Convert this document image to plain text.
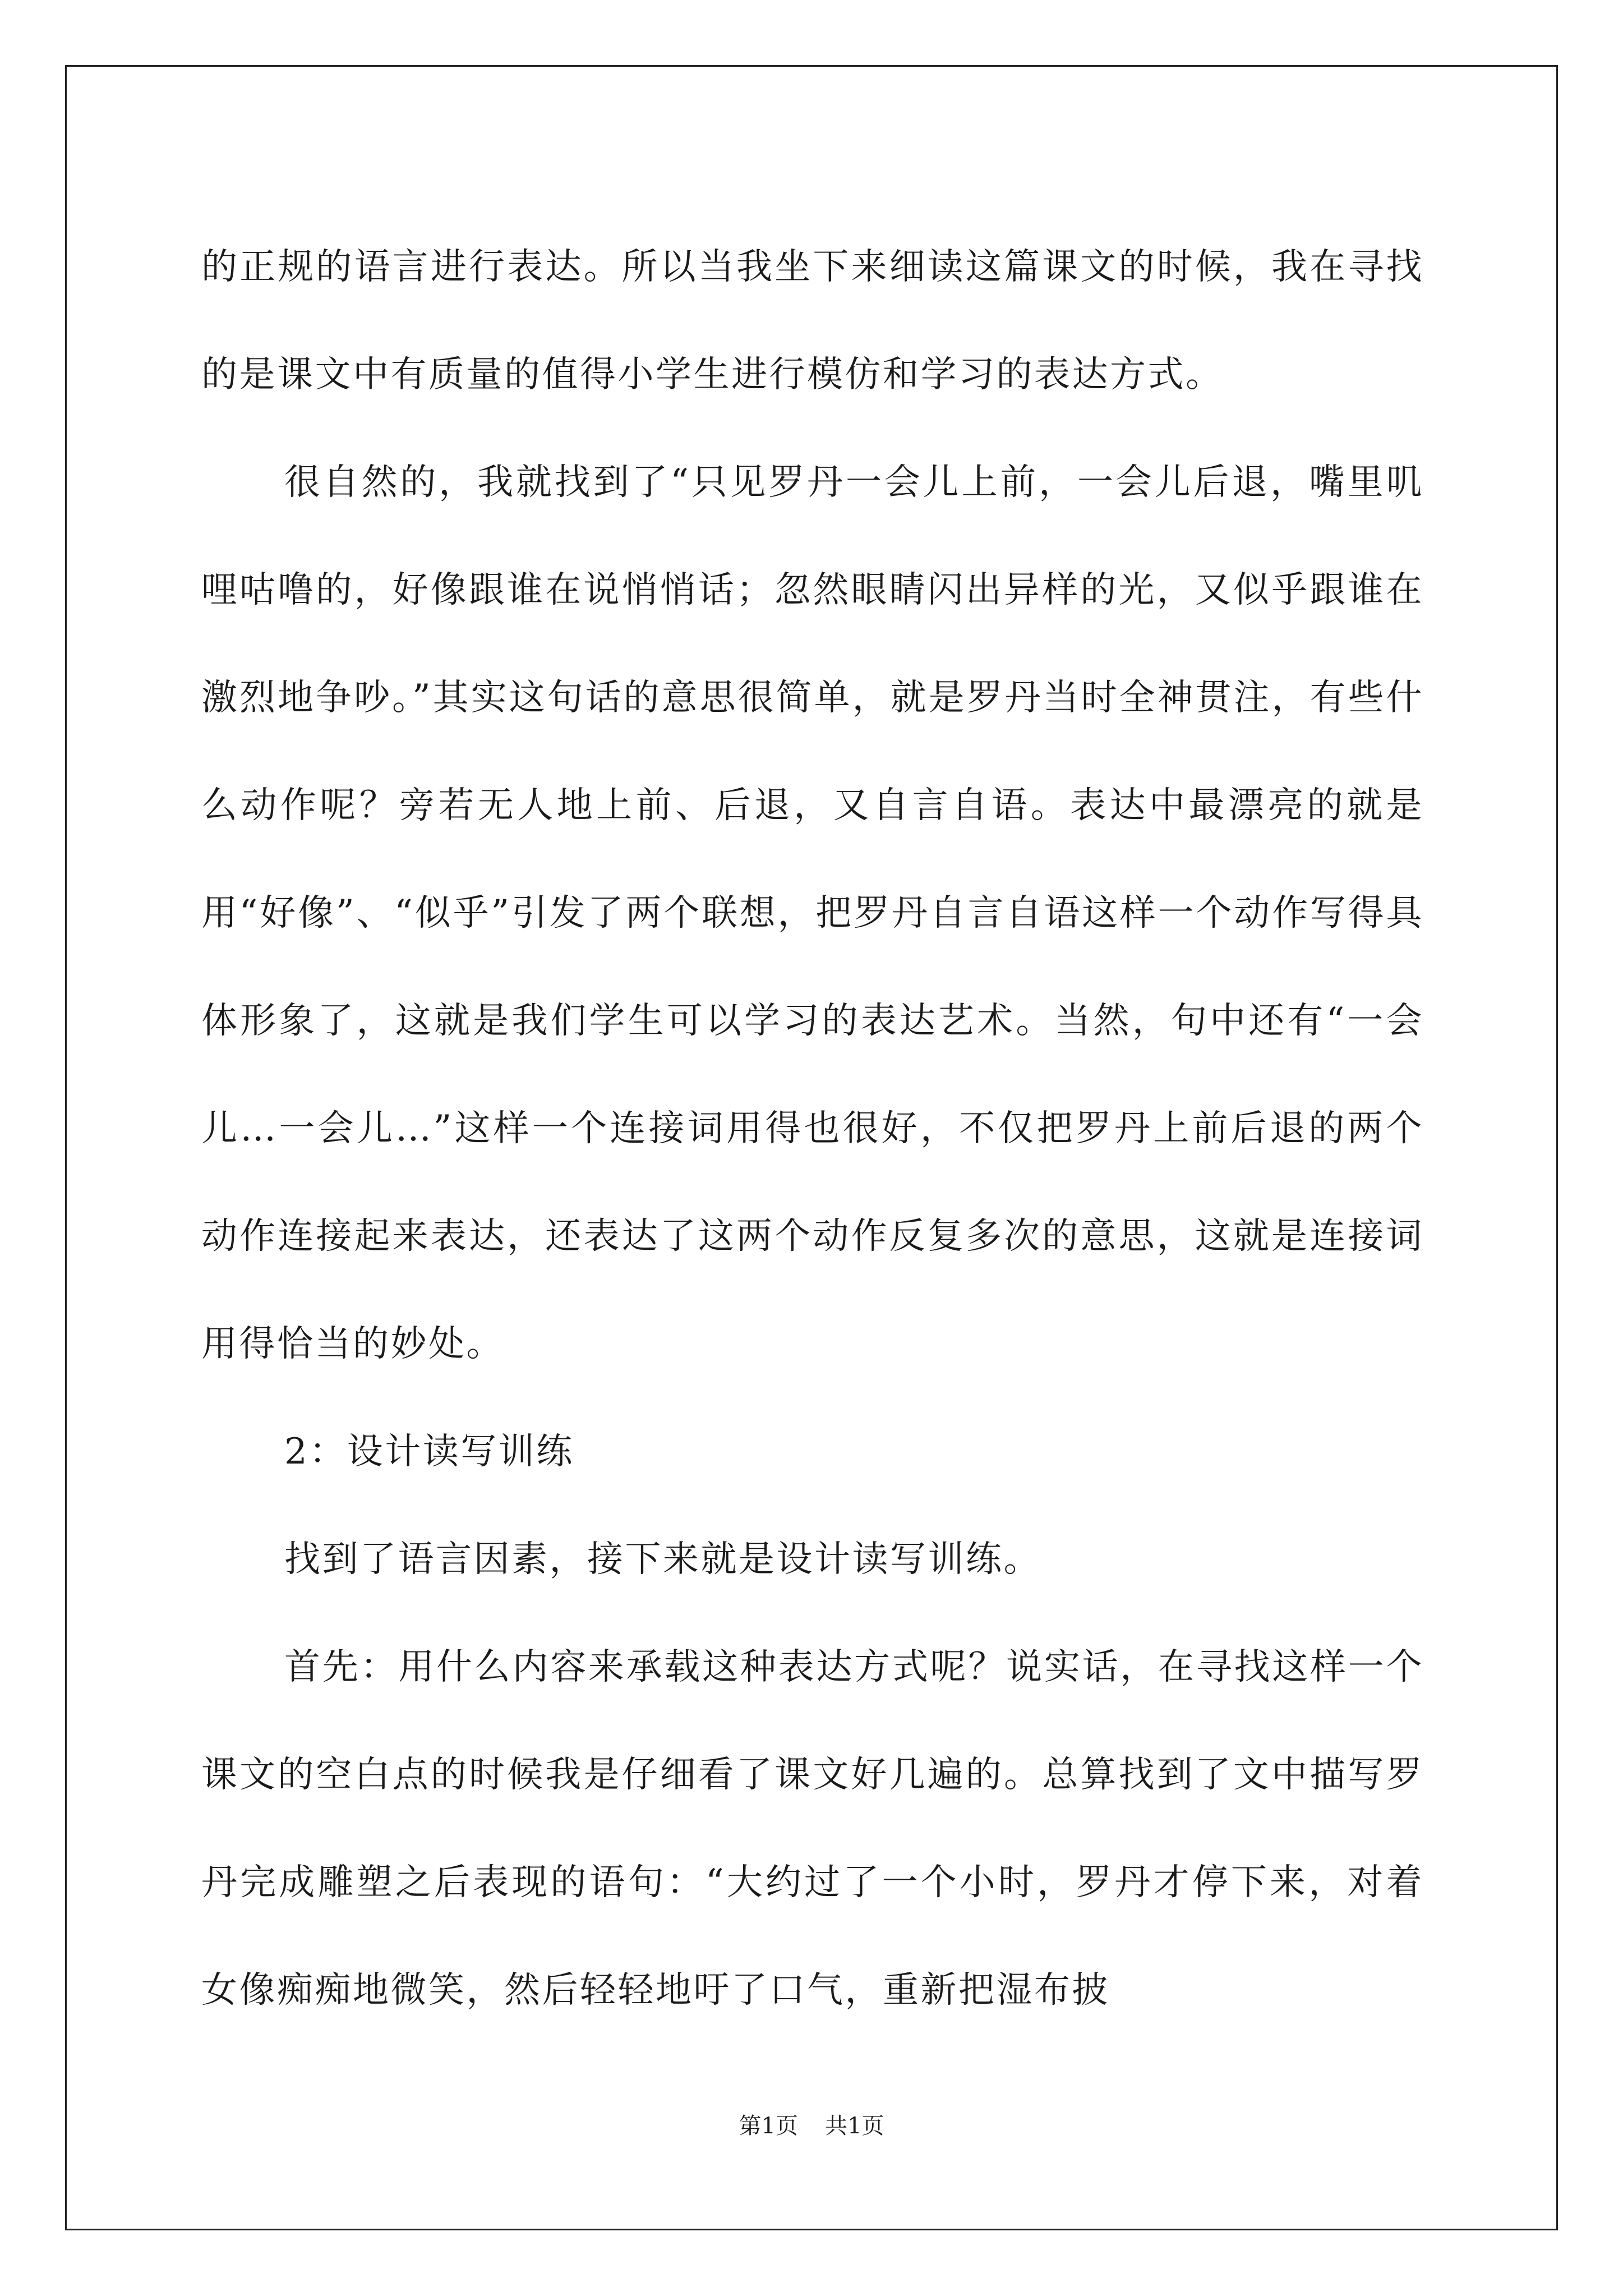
的正规的语言进行表达。所以当我坐下来细读这篇课文的时候，我在寻找的是课文中有质量的值得小学生进行模仿和学习的表达方式。

很自然的，我就找到了“只见罗丹一会儿上前，一会儿后退，嘴里叽哩咕噜的，好像跟谁在说悄悄话；忽然眼睛闪出异样的光，又似乎跟谁在激烈地争吵。”其实这句话的意思很简单，就是罗丹当时全神贯注，有些什么动作呢？旁若无人地上前、后退，又自言自语。表达中最漂亮的就是用“好像”、“似乎”引发了两个联想，把罗丹自言自语这样一个动作写得具体形象了，这就是我们学生可以学习的表达艺术。当然，句中还有“一会儿…一会儿…”这样一个连接词用得也很好，不仅把罗丹上前后退的两个动作连接起来表达，还表达了这两个动作反复多次的意思，这就是连接词用得恰当的妙处。

2：设计读写训练

找到了语言因素，接下来就是设计读写训练。

首先：用什么内容来承载这种表达方式呢？说实话，在寻找这样一个课文的空白点的时候我是仔细看了课文好几遍的。总算找到了文中描写罗丹完成雕塑之后表现的语句：“大约过了一个小时，罗丹才停下来，对着女像痴痴地微笑，然后轻轻地吁了口气，重新把湿布披

第1页 共1页
